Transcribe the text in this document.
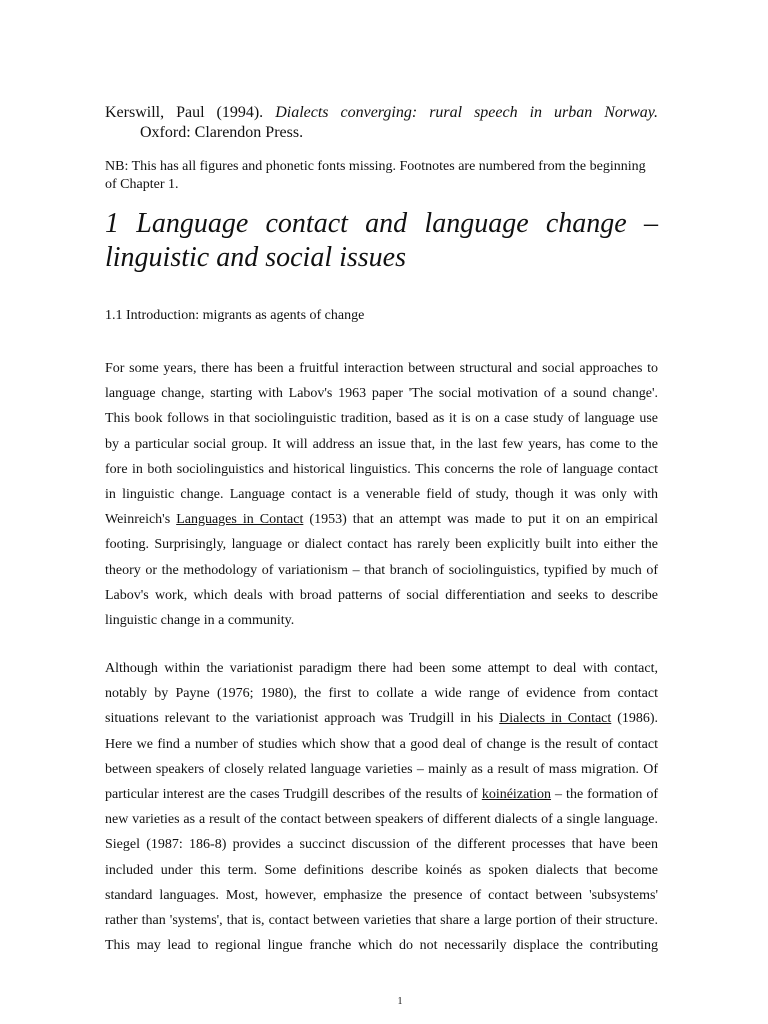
Kerswill, Paul (1994). Dialects converging: rural speech in urban Norway.
Oxford: Clarendon Press.
NB: This has all figures and phonetic fonts missing. Footnotes are numbered from the beginning of Chapter 1.
1 Language contact and language change –
linguistic and social issues
1.1 Introduction: migrants as agents of change
For some years, there has been a fruitful interaction between structural and social approaches to
language change, starting with Labov's 1963 paper 'The social motivation of a sound change'.
This book follows in that sociolinguistic tradition, based as it is on a case study of language use
by a particular social group. It will address an issue that, in the last few years, has come to the
fore in both sociolinguistics and historical linguistics. This concerns the role of language contact
in linguistic change. Language contact is a venerable field of study, though it was only with
Weinreich's Languages in Contact (1953) that an attempt was made to put it on an empirical
footing. Surprisingly, language or dialect contact has rarely been explicitly built into either the
theory or the methodology of variationism – that branch of sociolinguistics, typified by much of
Labov's work, which deals with broad patterns of social differentiation and seeks to describe
linguistic change in a community.
Although within the variationist paradigm there had been some attempt to deal with contact,
notably by Payne (1976; 1980), the first to collate a wide range of evidence from contact
situations relevant to the variationist approach was Trudgill in his Dialects in Contact (1986).
Here we find a number of studies which show that a good deal of change is the result of contact
between speakers of closely related language varieties – mainly as a result of mass migration. Of
particular interest are the cases Trudgill describes of the results of koinéization – the formation of
new varieties as a result of the contact between speakers of different dialects of a single language.
Siegel (1987: 186-8) provides a succinct discussion of the different processes that have been
included under this term. Some definitions describe koinés as spoken dialects that become
standard languages. Most, however, emphasize the presence of contact between 'subsystems'
rather than 'systems', that is, contact between varieties that share a large portion of their structure.
This may lead to regional lingue franche which do not necessarily displace the contributing
1
